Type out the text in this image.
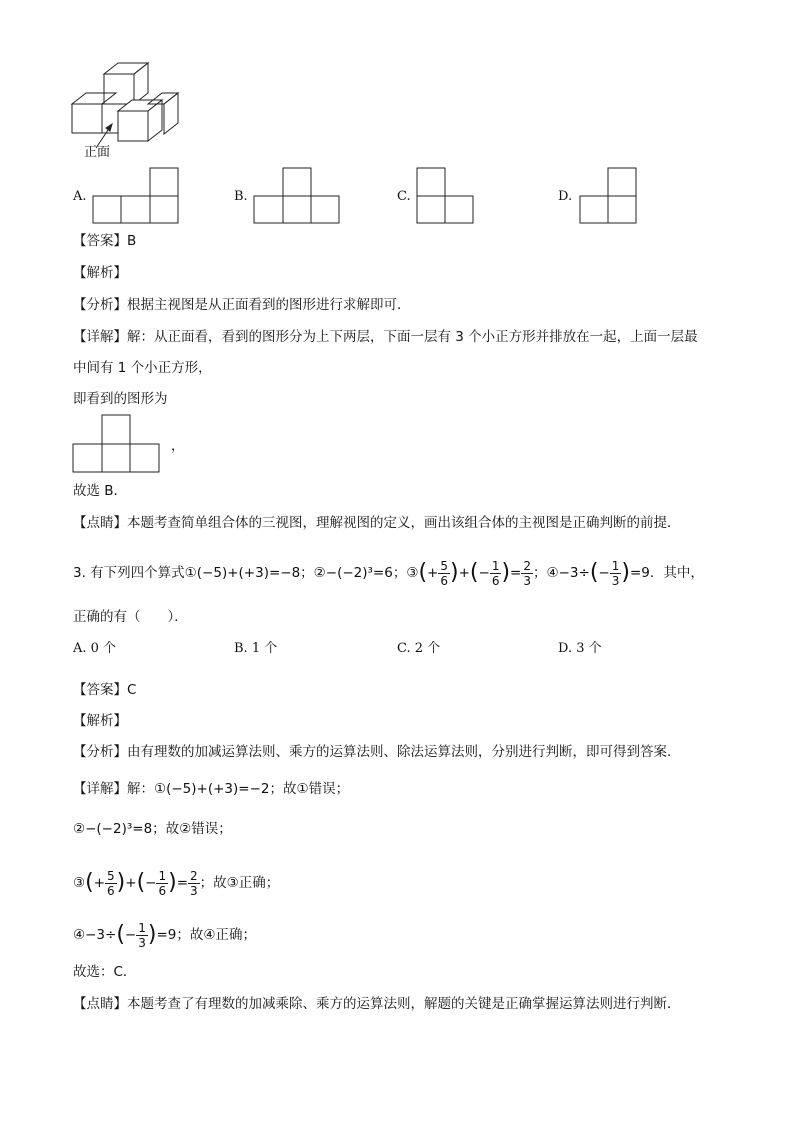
正面
A.	B.	C.	D.
【答案】B
【解析】
【分析】根据主视图是从正面看到的图形进行求解即可．
【详解】解：从正面看，看到的图形分为上下两层，下面一层有 3 个小正方形并排放在一起，上面一层最
中间有 1 个小正方形，
即看到的图形为
，
故选 B．
【点睛】本题考查简单组合体的三视图，理解视图的定义，画出该组合体的主视图是正确判断的前提．
3. 有下列四个算式①(−5)+(+3)=−8；②−(−2)³=6；③(+ $\frac{5}{6}$ )+(− $\frac{1}{6}$ )= $\frac{2}{3}$ ；④−3÷(− $\frac{1}{3} )=9$．其中，
正确的有（　　）．
A. 0 个	B. 1 个	C. 2 个	D. 3 个
【答案】C
【解析】
【分析】由有理数的加减运算法则、乘方的运算法则、除法运算法则，分别进行判断，即可得到答案．
【详解】解：①(−5)+(+3)=−2；故①错误；
②−(−2)³=8；故②错误；
③(+ $\frac{5}{6}$ )+(− $\frac{1}{6}$ )= $\frac{2}{3}$ ；故③正确；
④−3÷(− $\frac{1}{3} )=9$；故④正确；
故选：C．
【点睛】本题考查了有理数的加减乘除、乘方的运算法则，解题的关键是正确掌握运算法则进行判断．
